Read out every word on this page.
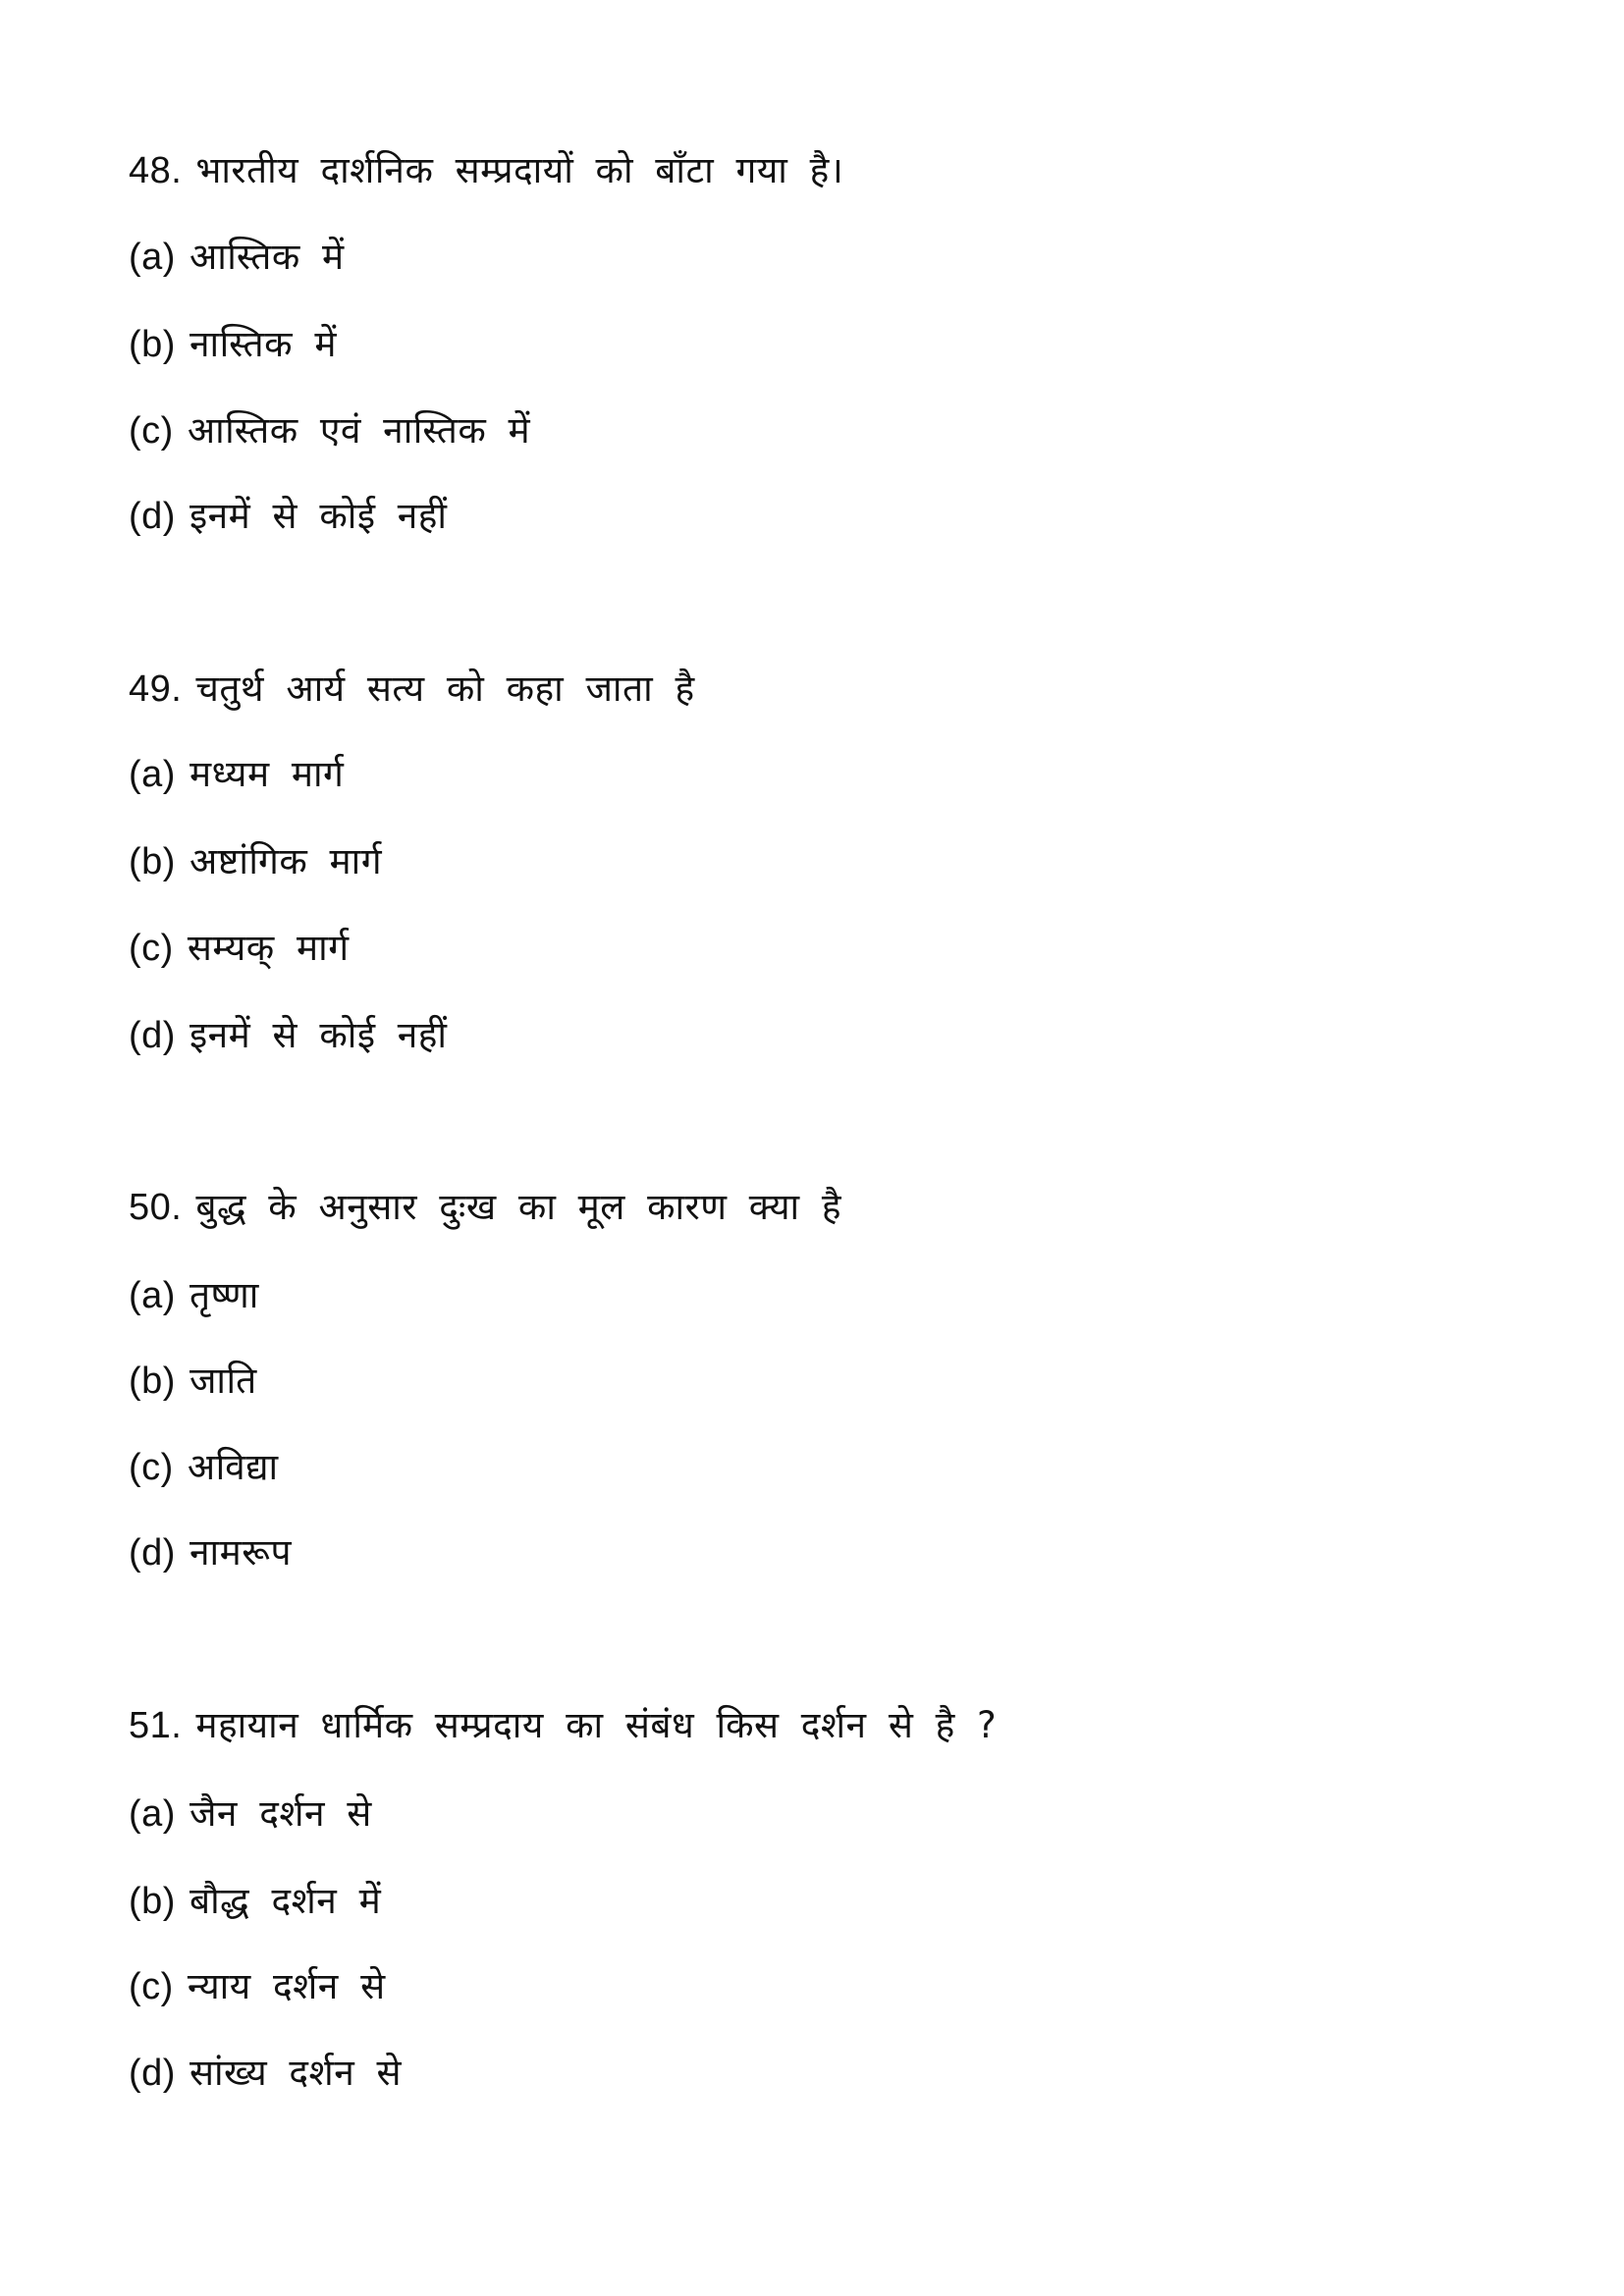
48. भारतीय दार्शनिक सम्प्रदायों को बाँटा गया है।
(a) आस्तिक में
(b) नास्तिक में
(c) आस्तिक एवं नास्तिक में
(d) इनमें से कोई नहीं
49. चतुर्थ आर्य सत्य को कहा जाता है
(a) मध्यम मार्ग
(b) अष्टांगिक मार्ग
(c) सम्यक् मार्ग
(d) इनमें से कोई नहीं
50. बुद्ध के अनुसार दुःख का मूल कारण क्या है
(a) तृष्णा
(b) जाति
(c) अविद्या
(d) नामरूप
51. महायान धार्मिक सम्प्रदाय का संबंध किस दर्शन से है ?
(a) जैन दर्शन से
(b) बौद्ध दर्शन में
(c) न्याय दर्शन से
(d) सांख्य दर्शन से
